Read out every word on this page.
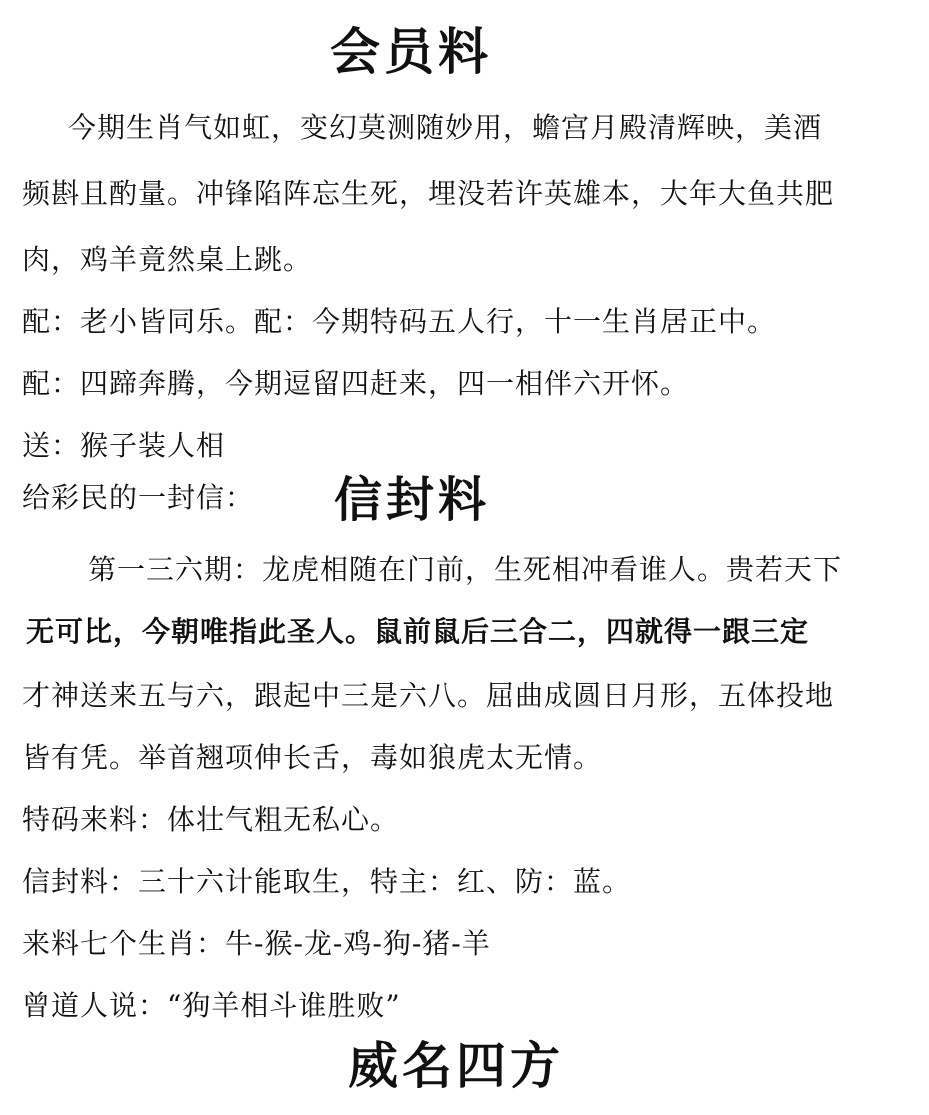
会员料
今期生肖气如虹，变幻莫测随妙用，蟾宫月殿清辉映，美酒
频斟且酌量。冲锋陷阵忘生死，埋没若许英雄本，大年大鱼共肥
肉，鸡羊竟然桌上跳。
配：老小皆同乐。配：今期特码五人行，十一生肖居正中。
配：四蹄奔腾，今期逗留四赶来，四一相伴六开怀。
送：猴子装人相
给彩民的一封信： 信封料
第一三六期：龙虎相随在门前，生死相冲看谁人。贵若天下
无可比，今朝唯指此圣人。鼠前鼠后三合二，四就得一跟三定
才神送来五与六，跟起中三是六八。屈曲成圆日月形，五体投地
皆有凭。举首翘项伸长舌，毒如狼虎太无情。
特码来料：体壮气粗无私心。
信封料：三十六计能取生，特主：红、防：蓝。
来料七个生肖：牛-猴-龙-鸡-狗-猪-羊
曾道人说：“狗羊相斗谁胜败”
威名四方
